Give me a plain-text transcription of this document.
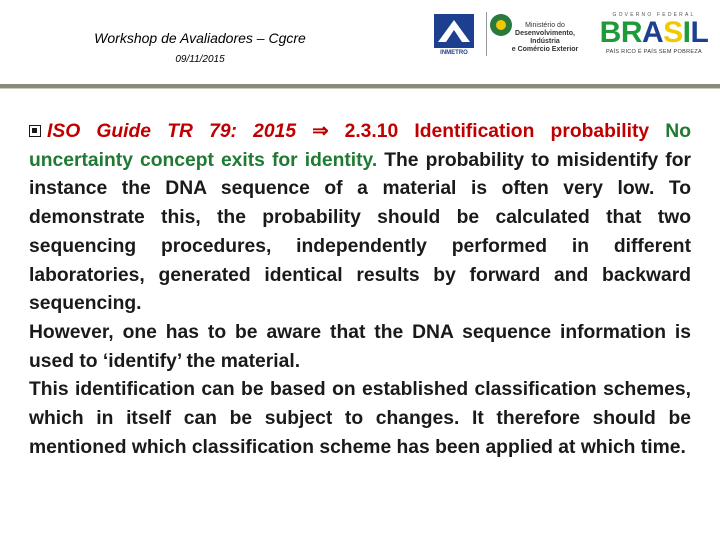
Workshop de Avaliadores – Cgcre
09/11/2015
INMETRO
Ministério do

Desenvolvimento, Indústria
e Comércio Exterior
GOVERNO FEDERAL
BRASIL
PAÍS RICO É PAÍS SEM POBREZA

ISO Guide TR 79: 2015 ⇒ 2.3.10 Identification probability No uncertainty concept exits for identity. The probability to misidentify for instance the DNA sequence of a material is often very low. To demonstrate this, the probability should be calculated that two sequencing procedures, independently performed in different laboratories, generated identical results by forward and backward sequencing.

However, one has to be aware that the DNA sequence information is used to ‘identify’ the material.

This identification can be based on established classification schemes, which in itself can be subject to changes. It therefore should be mentioned which classification scheme has been applied at which time.
